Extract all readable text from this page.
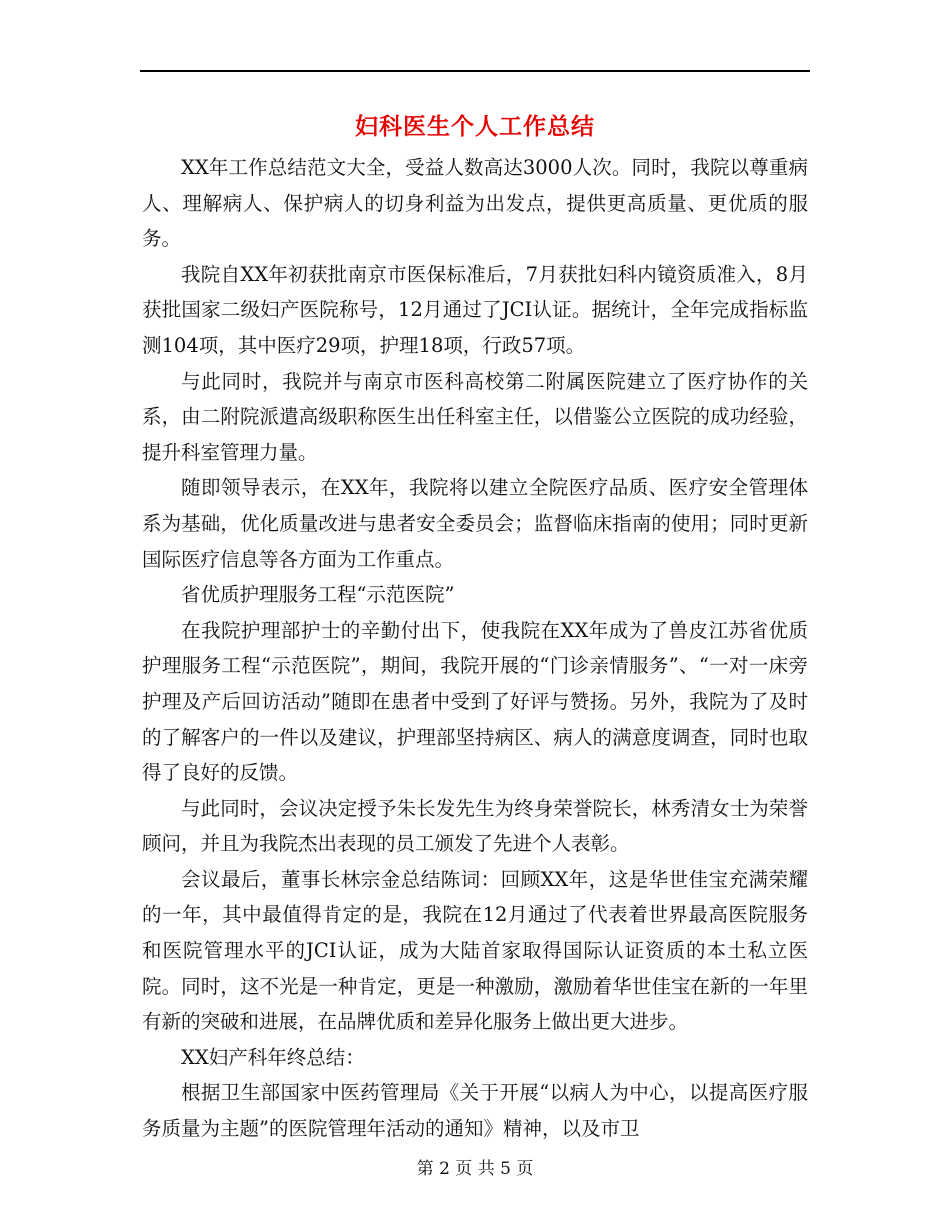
妇科医生个人工作总结

XX年工作总结范文大全，受益人数高达3000人次。同时，我院以尊重病人、理解病人、保护病人的切身利益为出发点，提供更高质量、更优质的服务。

我院自XX年初获批南京市医保标准后，7月获批妇科内镜资质准入，8月获批国家二级妇产医院称号，12月通过了JCI认证。据统计，全年完成指标监测104项，其中医疗29项，护理18项，行政57项。

与此同时，我院并与南京市医科高校第二附属医院建立了医疗协作的关系，由二附院派遣高级职称医生出任科室主任，以借鉴公立医院的成功经验，提升科室管理力量。

随即领导表示，在XX年，我院将以建立全院医疗品质、医疗安全管理体系为基础，优化质量改进与患者安全委员会；监督临床指南的使用；同时更新国际医疗信息等各方面为工作重点。

省优质护理服务工程“示范医院”

在我院护理部护士的辛勤付出下，使我院在XX年成为了兽皮江苏省优质护理服务工程“示范医院”，期间，我院开展的“门诊亲情服务”、“一对一床旁护理及产后回访活动”随即在患者中受到了好评与赞扬。另外，我院为了及时的了解客户的一件以及建议，护理部坚持病区、病人的满意度调查，同时也取得了良好的反馈。

与此同时，会议决定授予朱长发先生为终身荣誉院长，林秀清女士为荣誉顾问，并且为我院杰出表现的员工颁发了先进个人表彰。

会议最后，董事长林宗金总结陈词：回顾XX年，这是华世佳宝充满荣耀的一年，其中最值得肯定的是，我院在12月通过了代表着世界最高医院服务和医院管理水平的JCI认证，成为大陆首家取得国际认证资质的本土私立医院。同时，这不光是一种肯定，更是一种激励，激励着华世佳宝在新的一年里有新的突破和进展，在品牌优质和差异化服务上做出更大进步。

XX妇产科年终总结：

根据卫生部国家中医药管理局《关于开展“以病人为中心，以提高医疗服务质量为主题”的医院管理年活动的通知》精神，以及市卫

第 2 页 共 5 页
